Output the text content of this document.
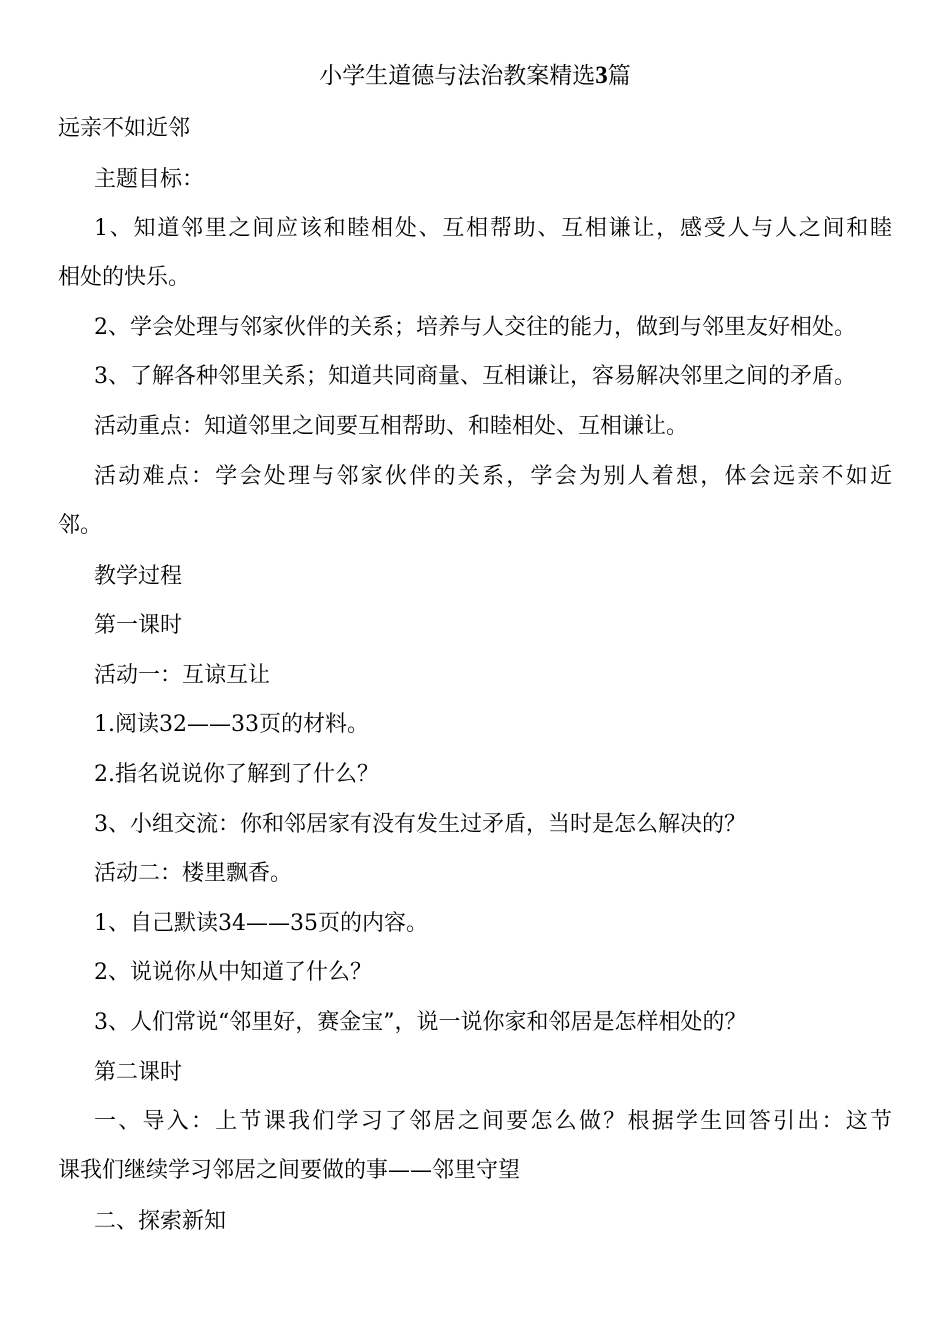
小学生道德与法治教案精选3篇
远亲不如近邻
主题目标：
1、知道邻里之间应该和睦相处、互相帮助、互相谦让，感受人与人之间和睦
相处的快乐。
2、学会处理与邻家伙伴的关系；培养与人交往的能力，做到与邻里友好相处。
3、了解各种邻里关系；知道共同商量、互相谦让，容易解决邻里之间的矛盾。
活动重点：知道邻里之间要互相帮助、和睦相处、互相谦让。
活动难点：学会处理与邻家伙伴的关系，学会为别人着想，体会远亲不如近
邻。
教学过程
第一课时
活动一：互谅互让
1.阅读32——33页的材料。
2.指名说说你了解到了什么？
3、小组交流：你和邻居家有没有发生过矛盾，当时是怎么解决的？
活动二：楼里飘香。
1、自己默读34——35页的内容。
2、说说你从中知道了什么？
3、人们常说“邻里好，赛金宝”，说一说你家和邻居是怎样相处的？
第二课时
一、导入：上节课我们学习了邻居之间要怎么做？根据学生回答引出：这节
课我们继续学习邻居之间要做的事——邻里守望
二、探索新知
